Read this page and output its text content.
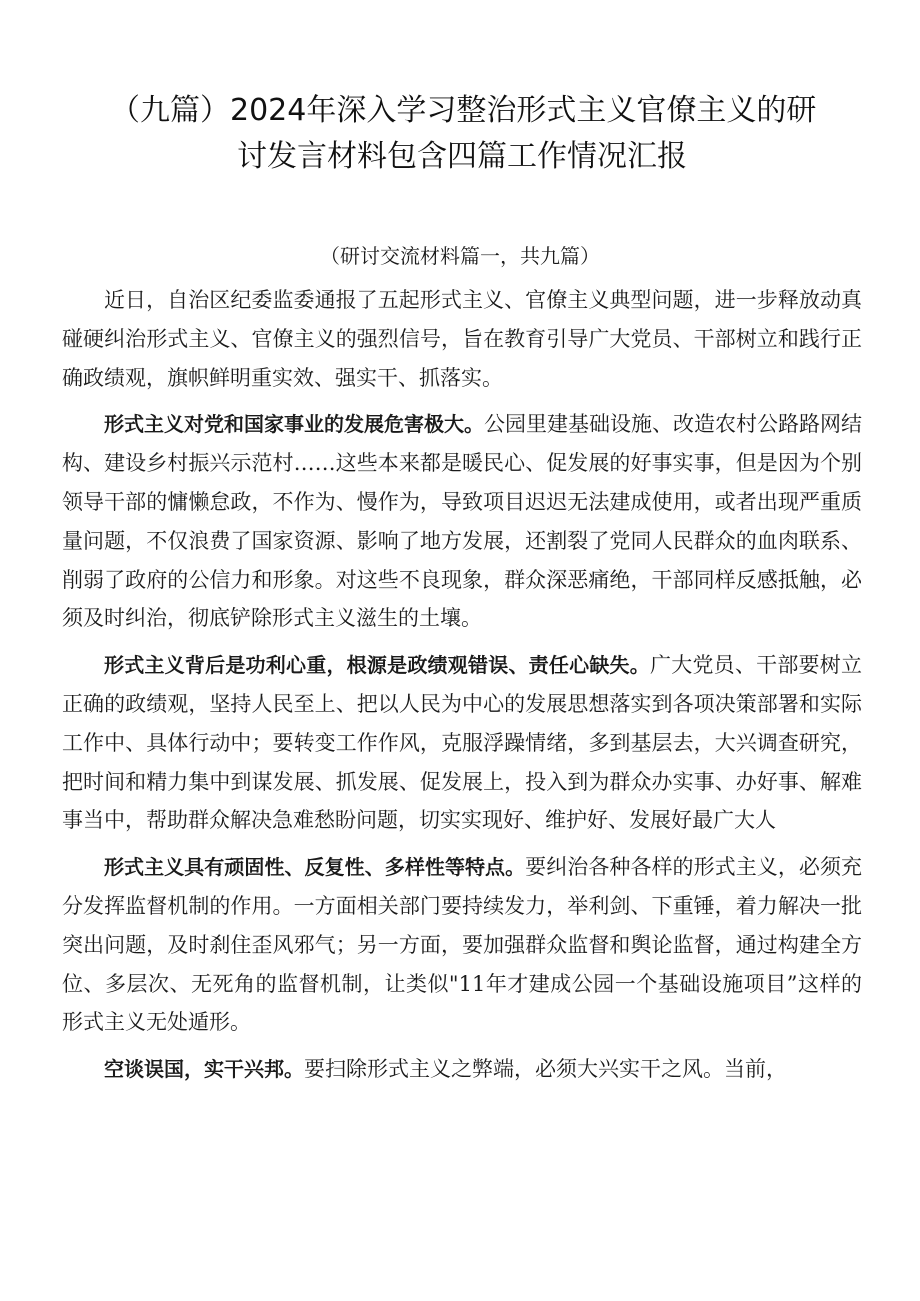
（九篇）2024年深入学习整治形式主义官僚主义的研
讨发言材料包含四篇工作情况汇报
（研讨交流材料篇一，共九篇）

近日，自治区纪委监委通报了五起形式主义、官僚主义典型问题，进一步释放动真碰硬纠治形式主义、官僚主义的强烈信号，旨在教育引导广大党员、干部树立和践行正确政绩观，旗帜鲜明重实效、强实干、抓落实。

形式主义对党和国家事业的发展危害极大。公园里建基础设施、改造农村公路路网结构、建设乡村振兴示范村……这些本来都是暖民心、促发展的好事实事，但是因为个别领导干部的慵懒怠政，不作为、慢作为，导致项目迟迟无法建成使用，或者出现严重质量问题，不仅浪费了国家资源、影响了地方发展，还割裂了党同人民群众的血肉联系、削弱了政府的公信力和形象。对这些不良现象，群众深恶痛绝，干部同样反感抵触，必须及时纠治，彻底铲除形式主义滋生的土壤。

形式主义背后是功利心重，根源是政绩观错误、责任心缺失。广大党员、干部要树立正确的政绩观，坚持人民至上、把以人民为中心的发展思想落实到各项决策部署和实际工作中、具体行动中；要转变工作作风，克服浮躁情绪，多到基层去，大兴调查研究，把时间和精力集中到谋发展、抓发展、促发展上，投入到为群众办实事、办好事、解难事当中，帮助群众解决急难愁盼问题，切实实现好、维护好、发展好最广大人

形式主义具有顽固性、反复性、多样性等特点。要纠治各种各样的形式主义，必须充分发挥监督机制的作用。一方面相关部门要持续发力，举利剑、下重锤，着力解决一批突出问题，及时刹住歪风邪气；另一方面，要加强群众监督和舆论监督，通过构建全方位、多层次、无死角的监督机制，让类似"11年才建成公园一个基础设施项目”这样的形式主义无处遁形。

空谈误国，实干兴邦。要扫除形式主义之弊端，必须大兴实干之风。当前，
